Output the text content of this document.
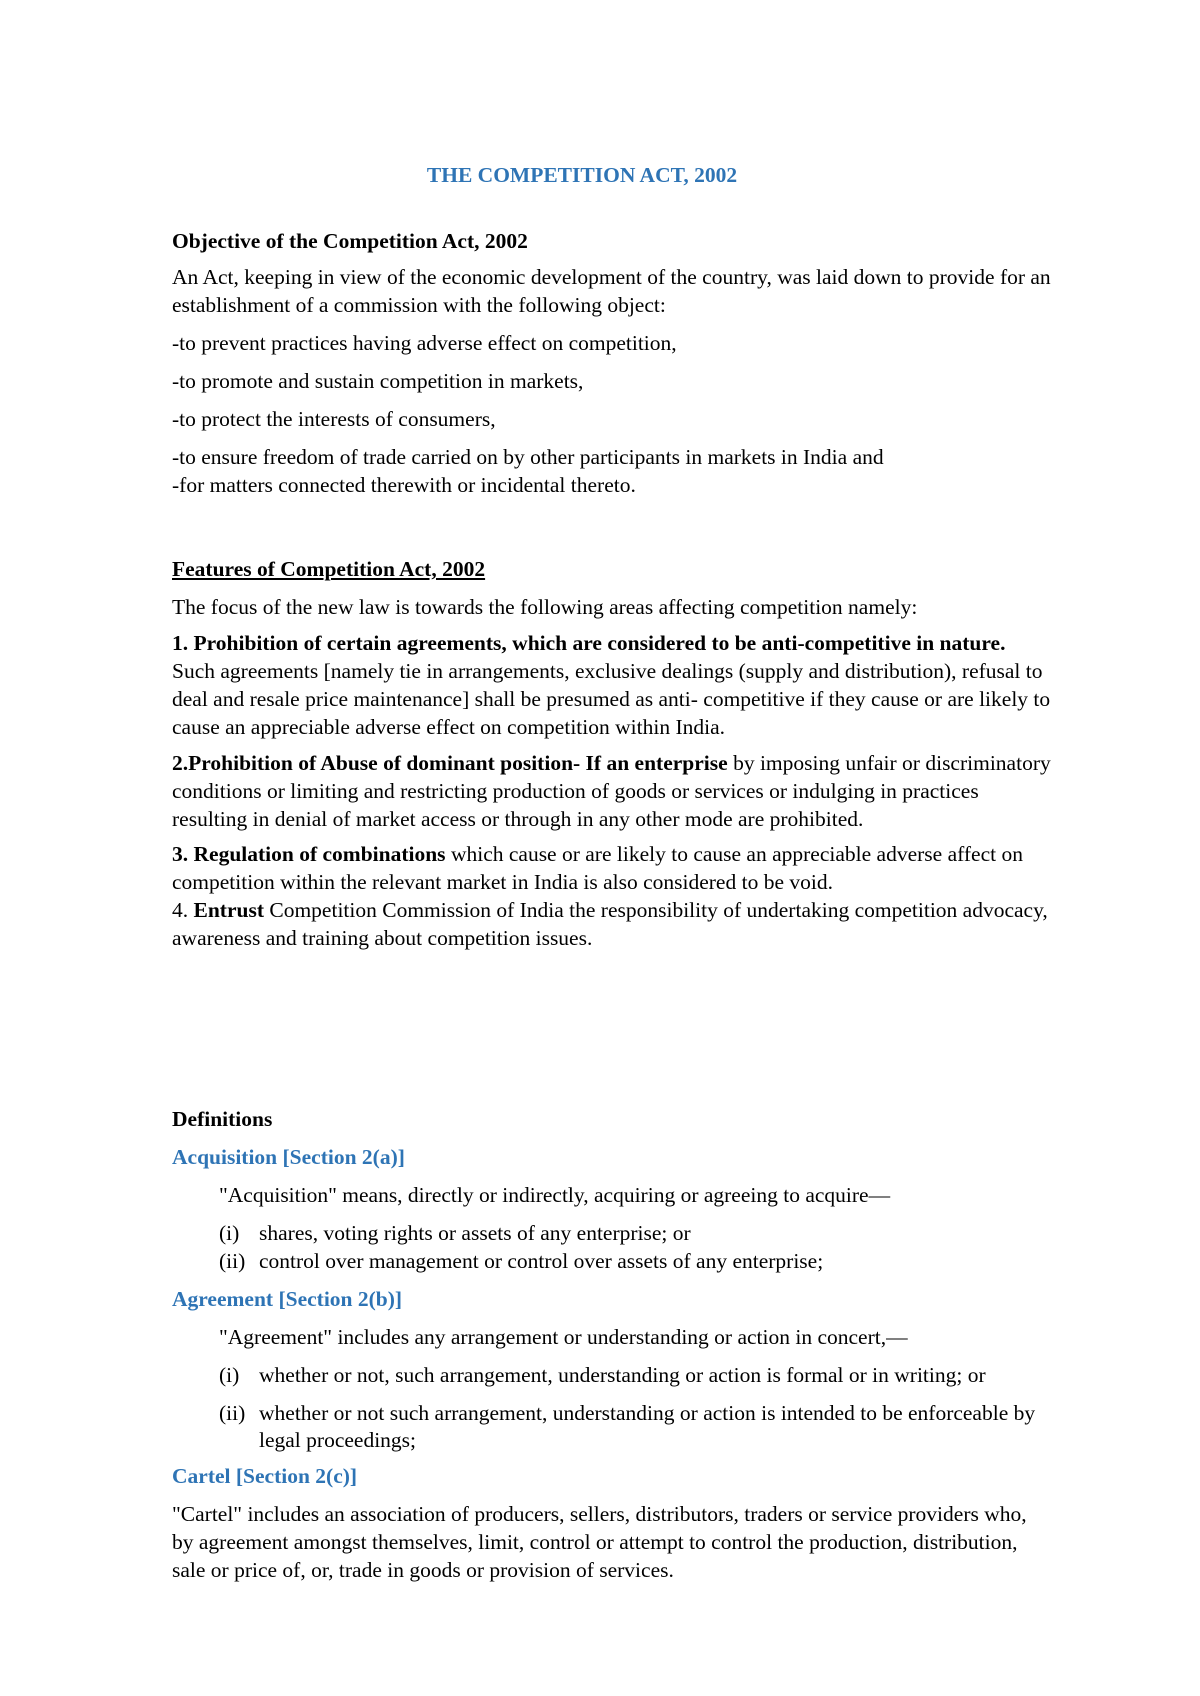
THE COMPETITION ACT, 2002

Objective of the Competition Act, 2002

An Act, keeping in view of the economic development of the country, was laid down to provide for an establishment of a commission with the following object:

-to prevent practices having adverse effect on competition,

-to promote and sustain competition in markets,

-to protect the interests of consumers,

-to ensure freedom of trade carried on by other participants in markets in India and

-for matters connected therewith or incidental thereto.

Features of Competition Act, 2002

The focus of the new law is towards the following areas affecting competition namely:

1. Prohibition of certain agreements, which are considered to be anti-competitive in nature. Such agreements [namely tie in arrangements, exclusive dealings (supply and distribution), refusal to deal and resale price maintenance] shall be presumed as anti- competitive if they cause or are likely to cause an appreciable adverse effect on competition within India.

2.Prohibition of Abuse of dominant position- If an enterprise by imposing unfair or discriminatory conditions or limiting and restricting production of goods or services or indulging in practices resulting in denial of market access or through in any other mode are prohibited.

3. Regulation of combinations which cause or are likely to cause an appreciable adverse affect on competition within the relevant market in India is also considered to be void.

4. Entrust Competition Commission of India the responsibility of undertaking competition advocacy, awareness and training about competition issues.

Definitions

Acquisition [Section 2(a)]

"Acquisition" means, directly or indirectly, acquiring or agreeing to acquire—

(i) shares, voting rights or assets of any enterprise; or
(ii) control over management or control over assets of any enterprise;

Agreement [Section 2(b)]

"Agreement" includes any arrangement or understanding or action in concert,—

(i) whether or not, such arrangement, understanding or action is formal or in writing; or
(ii) whether or not such arrangement, understanding or action is intended to be enforceable by legal proceedings;

Cartel [Section 2(c)]

"Cartel" includes an association of producers, sellers, distributors, traders or service providers who, by agreement amongst themselves, limit, control or attempt to control the production, distribution, sale or price of, or, trade in goods or provision of services.
